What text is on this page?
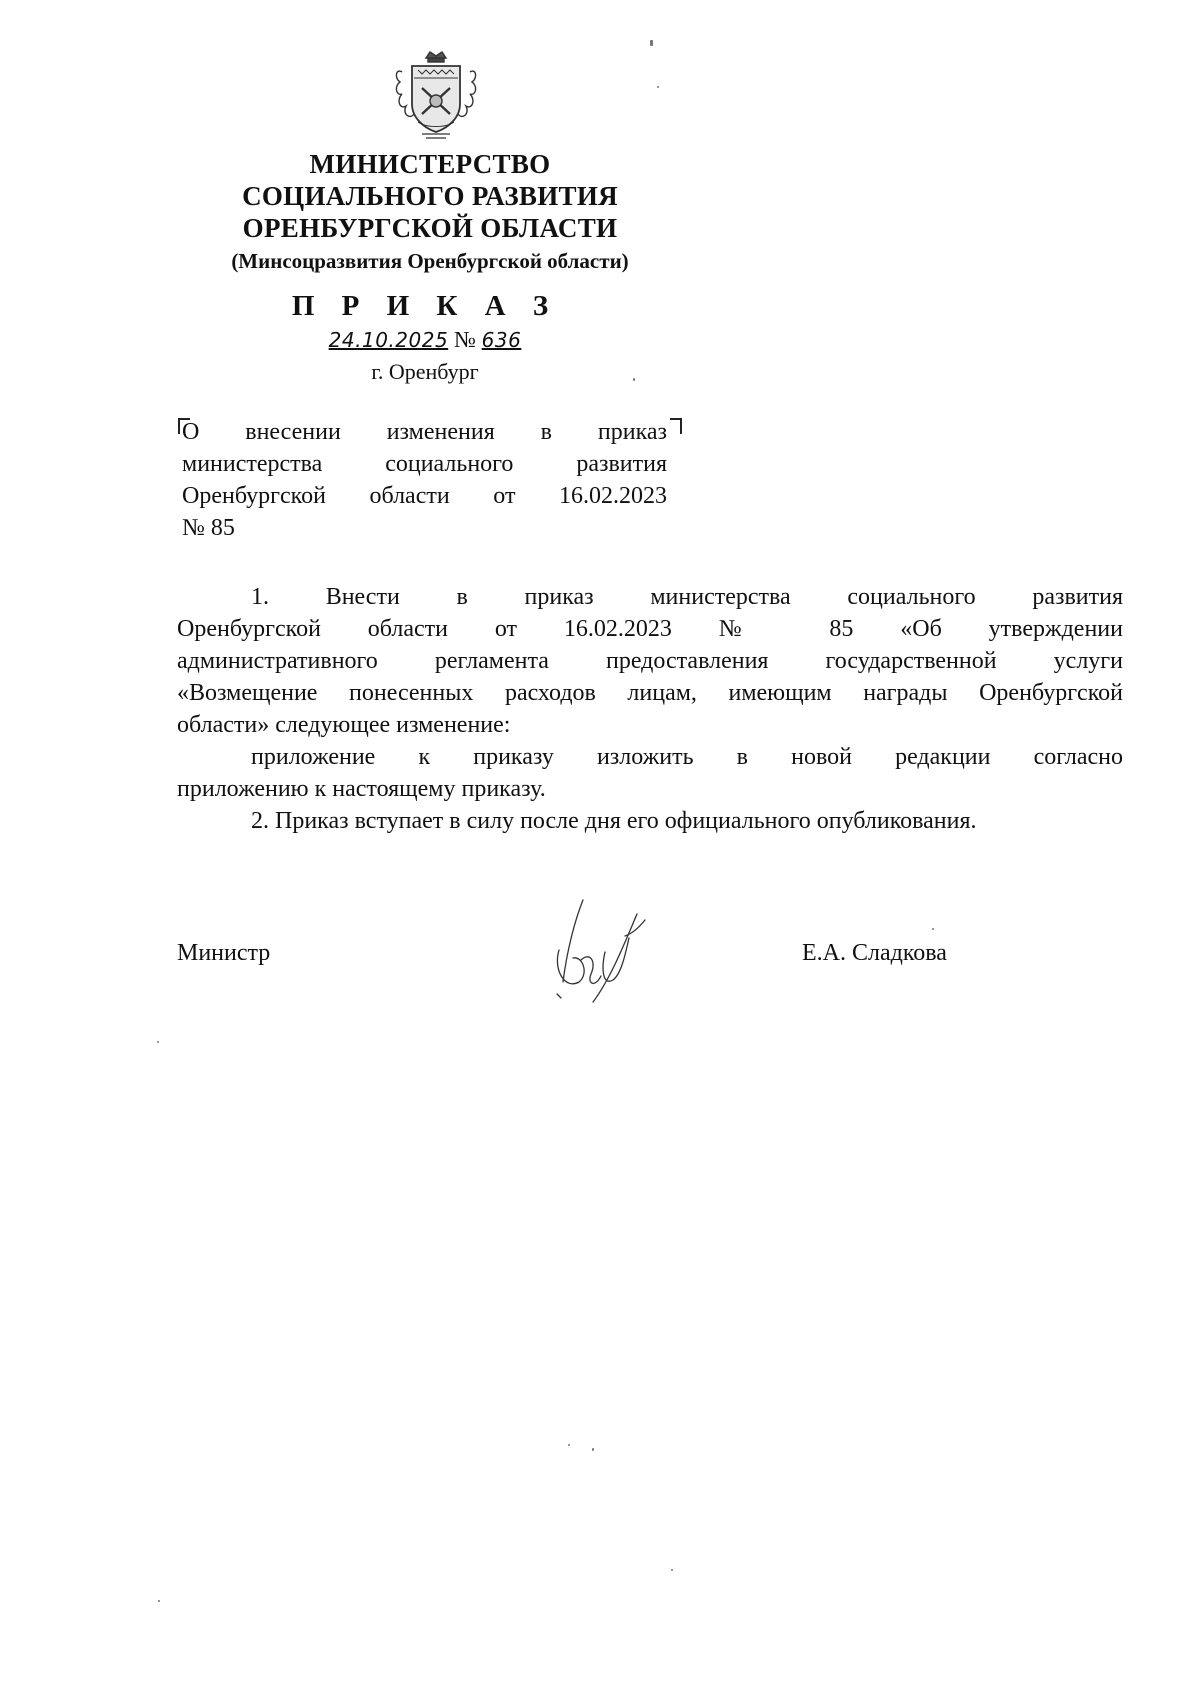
МИНИСТЕРСТВО
СОЦИАЛЬНОГО РАЗВИТИЯ
ОРЕНБУРГСКОЙ ОБЛАСТИ
(Минсоцразвития Оренбургской области)
П Р И К А З
24.10.2025 № 636
г. Оренбург
О внесении изменения в приказ
министерства социального развития
Оренбургской области от 16.02.2023
№ 85
1. Внести в приказ министерства социального развития
Оренбургской области от 16.02.2023 № 85 «Об утверждении
административного регламента предоставления государственной услуги
«Возмещение понесенных расходов лицам, имеющим награды Оренбургской
области» следующее изменение:
приложение к приказу изложить в новой редакции согласно
приложению к настоящему приказу.
2. Приказ вступает в силу после дня его официального опубликования.
Министр	Е.А. Сладкова
